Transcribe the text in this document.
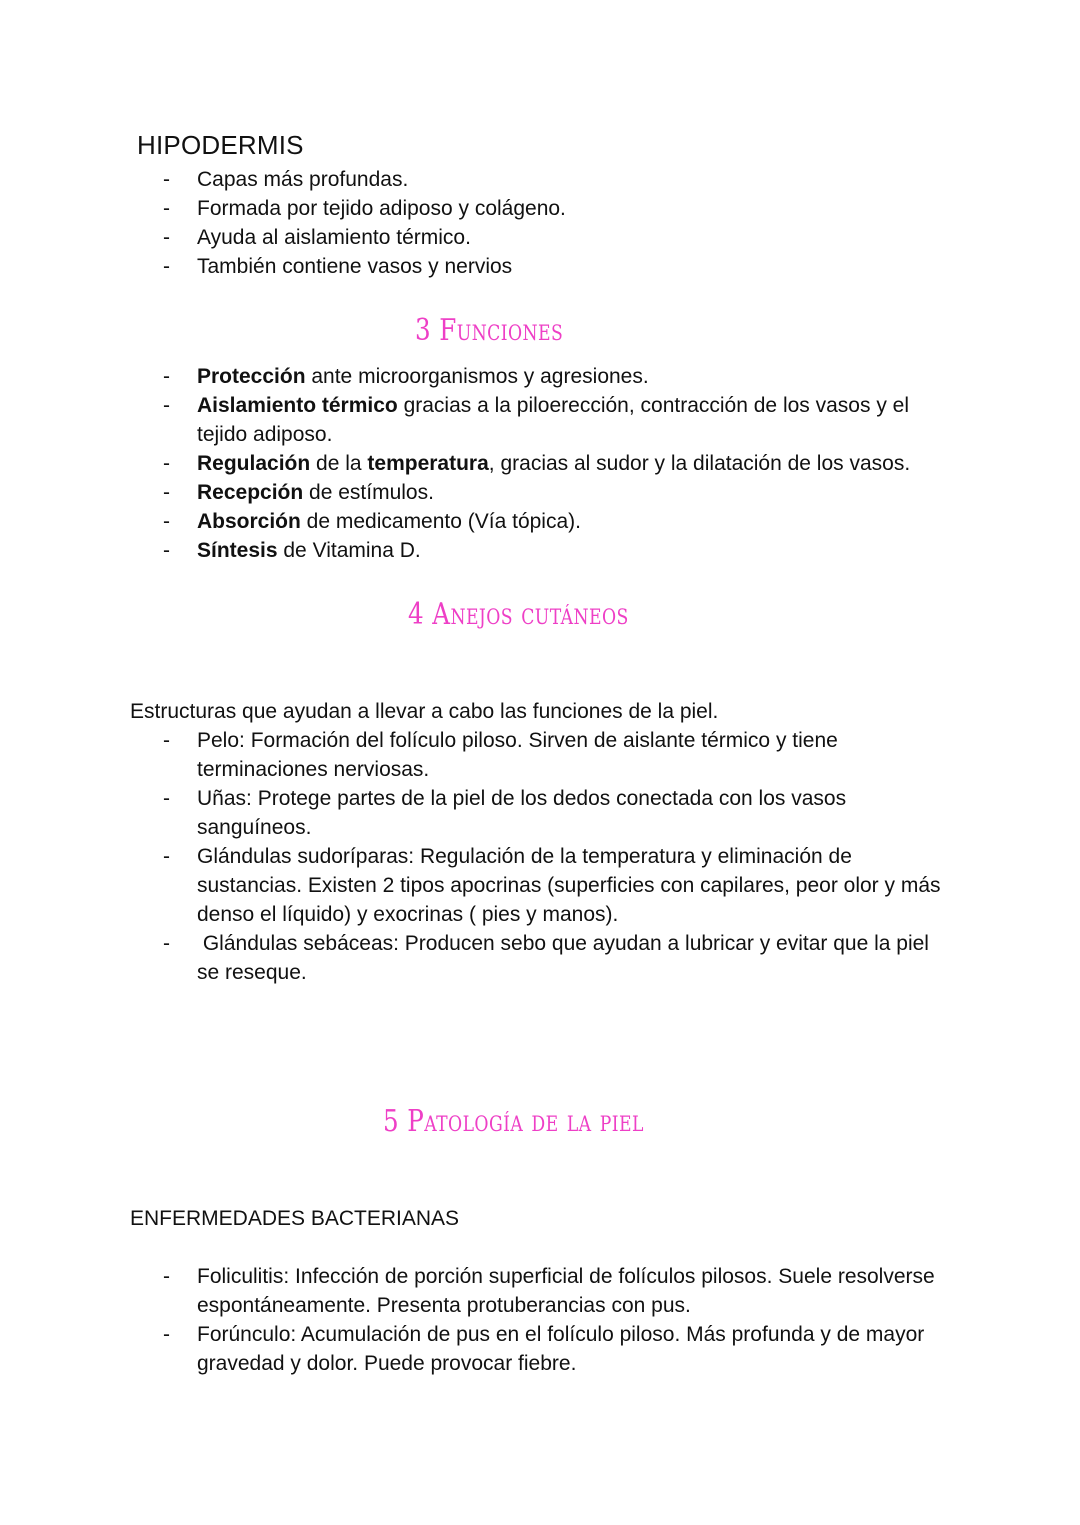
HIPODERMIS
- Capas más profundas.
- Formada por tejido adiposo y colágeno.
- Ayuda al aislamiento térmico.
- También contiene vasos y nervios
3 Funciones
- Protección ante microorganismos y agresiones.
- Aislamiento térmico gracias a la piloerección, contracción de los vasos y el tejido adiposo.
- Regulación de la temperatura, gracias al sudor y la dilatación de los vasos.
- Recepción de estímulos.
- Absorción de medicamento (Vía tópica).
- Síntesis de Vitamina D.
4 Anejos cutáneos
Estructuras que ayudan a llevar a cabo las funciones de la piel.
- Pelo: Formación del folículo piloso. Sirven de aislante térmico y tiene terminaciones nerviosas.
- Uñas: Protege partes de la piel de los dedos conectada con los vasos sanguíneos.
- Glándulas sudoríparas: Regulación de la temperatura y eliminación de sustancias. Existen 2 tipos apocrinas (superficies con capilares, peor olor y más denso el líquido) y exocrinas ( pies y manos).
- Glándulas sebáceas: Producen sebo que ayudan a lubricar y evitar que la piel se reseque.
5 Patología de la piel
ENFERMEDADES BACTERIANAS
- Foliculitis: Infección de porción superficial de folículos pilosos. Suele resolverse espontáneamente. Presenta protuberancias con pus.
- Forúnculo: Acumulación de pus en el folículo piloso. Más profunda y de mayor gravedad y dolor. Puede provocar fiebre.
